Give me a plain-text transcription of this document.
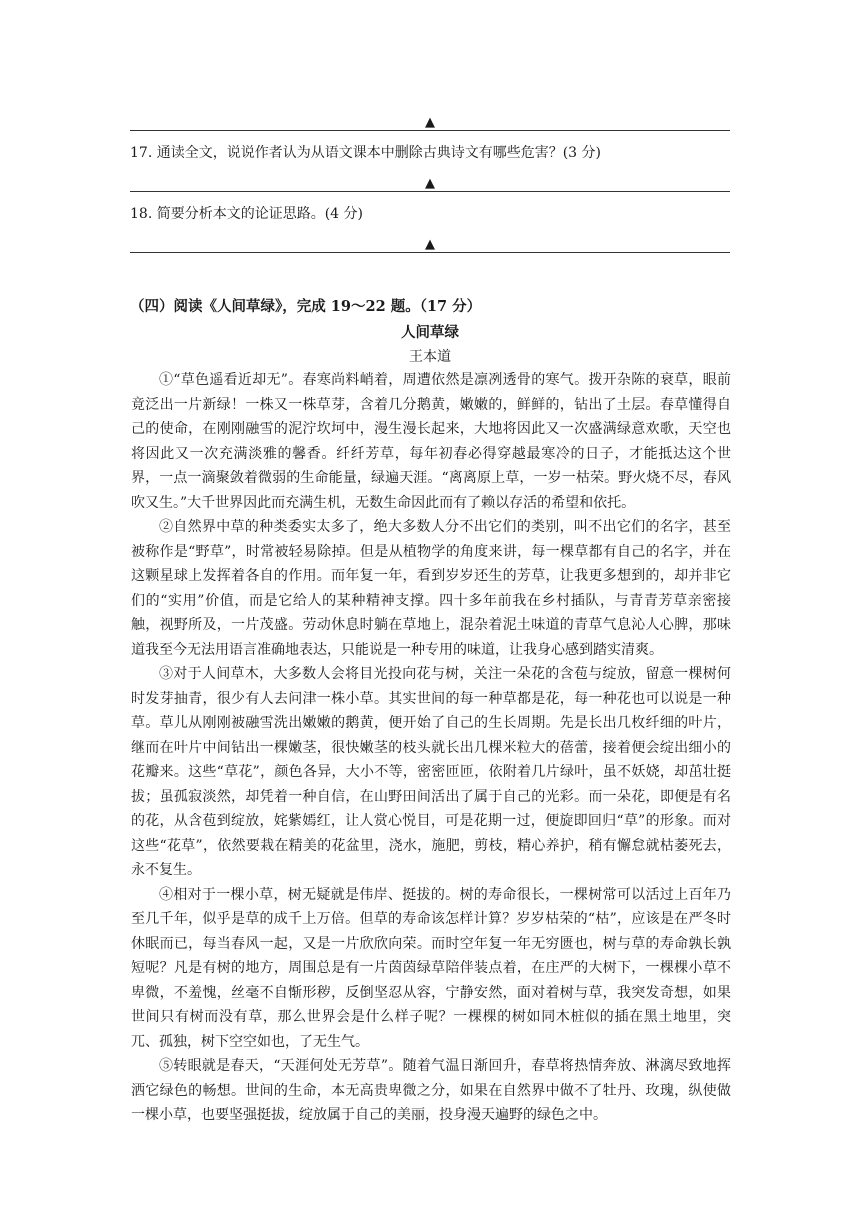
▲
17. 通读全文，说说作者认为从语文课本中删除古典诗文有哪些危害？(3 分)
▲
18. 简要分析本文的论证思路。(4 分)
▲
（四）阅读《人间草绿》，完成 19～22 题。（17 分）
人间草绿
王本道

①“草色遥看近却无”。春寒尚料峭着，周遭依然是凛冽透骨的寒气。拨开杂陈的衰草，眼前竟泛出一片新绿！一株又一株草芽，含着几分鹅黄，嫩嫩的，鲜鲜的，钻出了土层。春草懂得自己的使命，在刚刚融雪的泥泞坎坷中，漫生漫长起来，大地将因此又一次盛满绿意欢歌，天空也将因此又一次充满淡雅的馨香。纤纤芳草，每年初春必得穿越最寒冷的日子，才能抵达这个世界，一点一滴聚敛着微弱的生命能量，绿遍天涯。“离离原上草，一岁一枯荣。野火烧不尽，春风吹又生。”大千世界因此而充满生机，无数生命因此而有了赖以存活的希望和依托。

②自然界中草的种类委实太多了，绝大多数人分不出它们的类别，叫不出它们的名字，甚至被称作是“野草”，时常被轻易除掉。但是从植物学的角度来讲，每一棵草都有自己的名字，并在这颗星球上发挥着各自的作用。而年复一年，看到岁岁还生的芳草，让我更多想到的，却并非它们的“实用”价值，而是它给人的某种精神支撑。四十多年前我在乡村插队，与青青芳草亲密接触，视野所及，一片茂盛。劳动休息时躺在草地上，混杂着泥土味道的青草气息沁人心脾，那味道我至今无法用语言准确地表达，只能说是一种专用的味道，让我身心感到踏实清爽。

③对于人间草木，大多数人会将目光投向花与树，关注一朵花的含苞与绽放，留意一棵树何时发芽抽青，很少有人去问津一株小草。其实世间的每一种草都是花，每一种花也可以说是一种草。草儿从刚刚被融雪洗出嫩嫩的鹅黄，便开始了自己的生长周期。先是长出几枚纤细的叶片，继而在叶片中间钻出一棵嫩茎，很快嫩茎的枝头就长出几棵米粒大的蓓蕾，接着便会绽出细小的花瓣来。这些“草花”，颜色各异，大小不等，密密匝匝，依附着几片绿叶，虽不妖娆，却茁壮挺拔；虽孤寂淡然，却凭着一种自信，在山野田间活出了属于自己的光彩。而一朵花，即便是有名的花，从含苞到绽放，姹紫嫣红，让人赏心悦目，可是花期一过，便旋即回归“草”的形象。而对这些“花草”，依然要栽在精美的花盆里，浇水，施肥，剪枝，精心养护，稍有懈怠就枯萎死去，永不复生。

④相对于一棵小草，树无疑就是伟岸、挺拔的。树的寿命很长，一棵树常可以活过上百年乃至几千年，似乎是草的成千上万倍。但草的寿命该怎样计算？岁岁枯荣的“枯”，应该是在严冬时休眠而已，每当春风一起，又是一片欣欣向荣。而时空年复一年无穷匮也，树与草的寿命孰长孰短呢？凡是有树的地方，周围总是有一片茵茵绿草陪伴装点着，在庄严的大树下，一棵棵小草不卑微，不羞愧，丝毫不自惭形秽，反倒坚忍从容，宁静安然，面对着树与草，我突发奇想，如果世间只有树而没有草，那么世界会是什么样子呢？一棵棵的树如同木桩似的插在黑土地里，突兀、孤独，树下空空如也，了无生气。

⑤转眼就是春天，“天涯何处无芳草”。随着气温日渐回升，春草将热情奔放、淋漓尽致地挥洒它绿色的畅想。世间的生命，本无高贵卑微之分，如果在自然界中做不了牡丹、玫瑰，纵使做一棵小草，也要坚强挺拔，绽放属于自己的美丽，投身漫天遍野的绿色之中。
